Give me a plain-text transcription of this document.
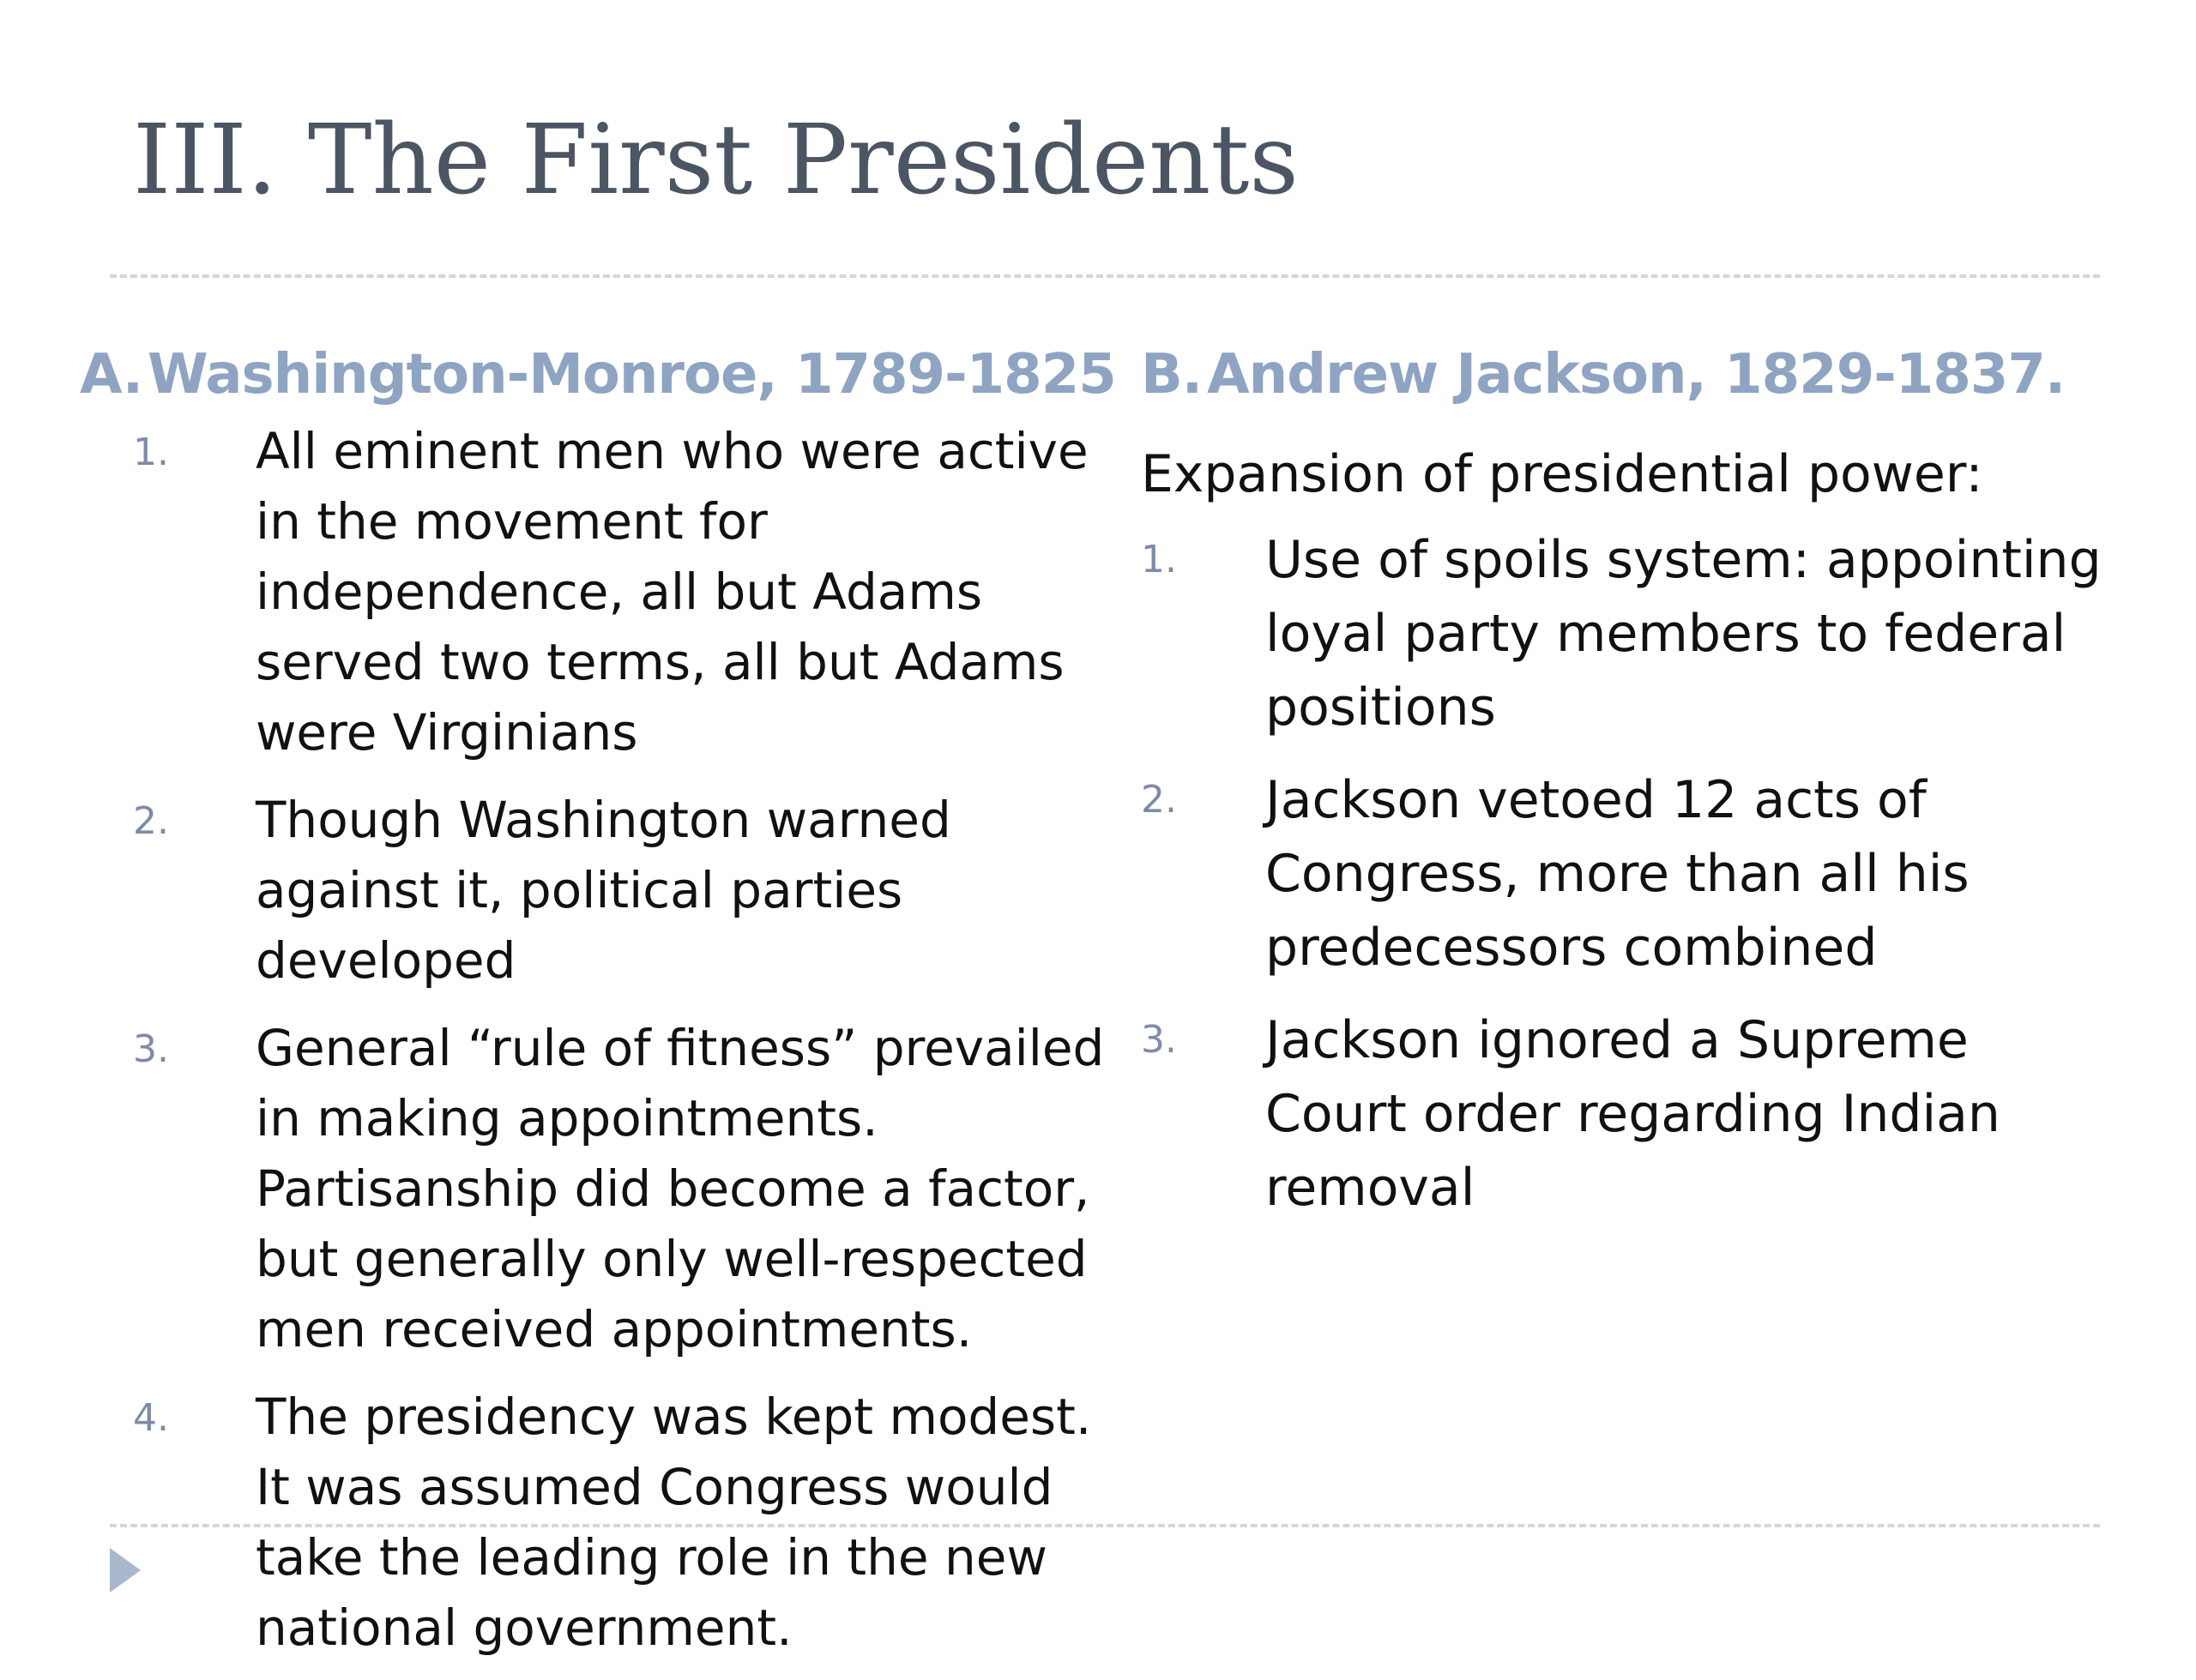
III. The First Presidents
A.Washington-Monroe, 1789-1825
1. All eminent men who were active in the movement for independence, all but Adams served two terms, all but Adams were Virginians
2. Though Washington warned against it, political parties developed
3. General “rule of fitness” prevailed in making appointments. Partisanship did become a factor, but generally only well-respected men received appointments.
4. The presidency was kept modest. It was assumed Congress would take the leading role in the new national government.
B.Andrew Jackson, 1829-1837.

Expansion of presidential power:

1. Use of spoils system: appointing loyal party members to federal positions
2. Jackson vetoed 12 acts of Congress, more than all his predecessors combined
3. Jackson ignored a Supreme Court order regarding Indian removal
